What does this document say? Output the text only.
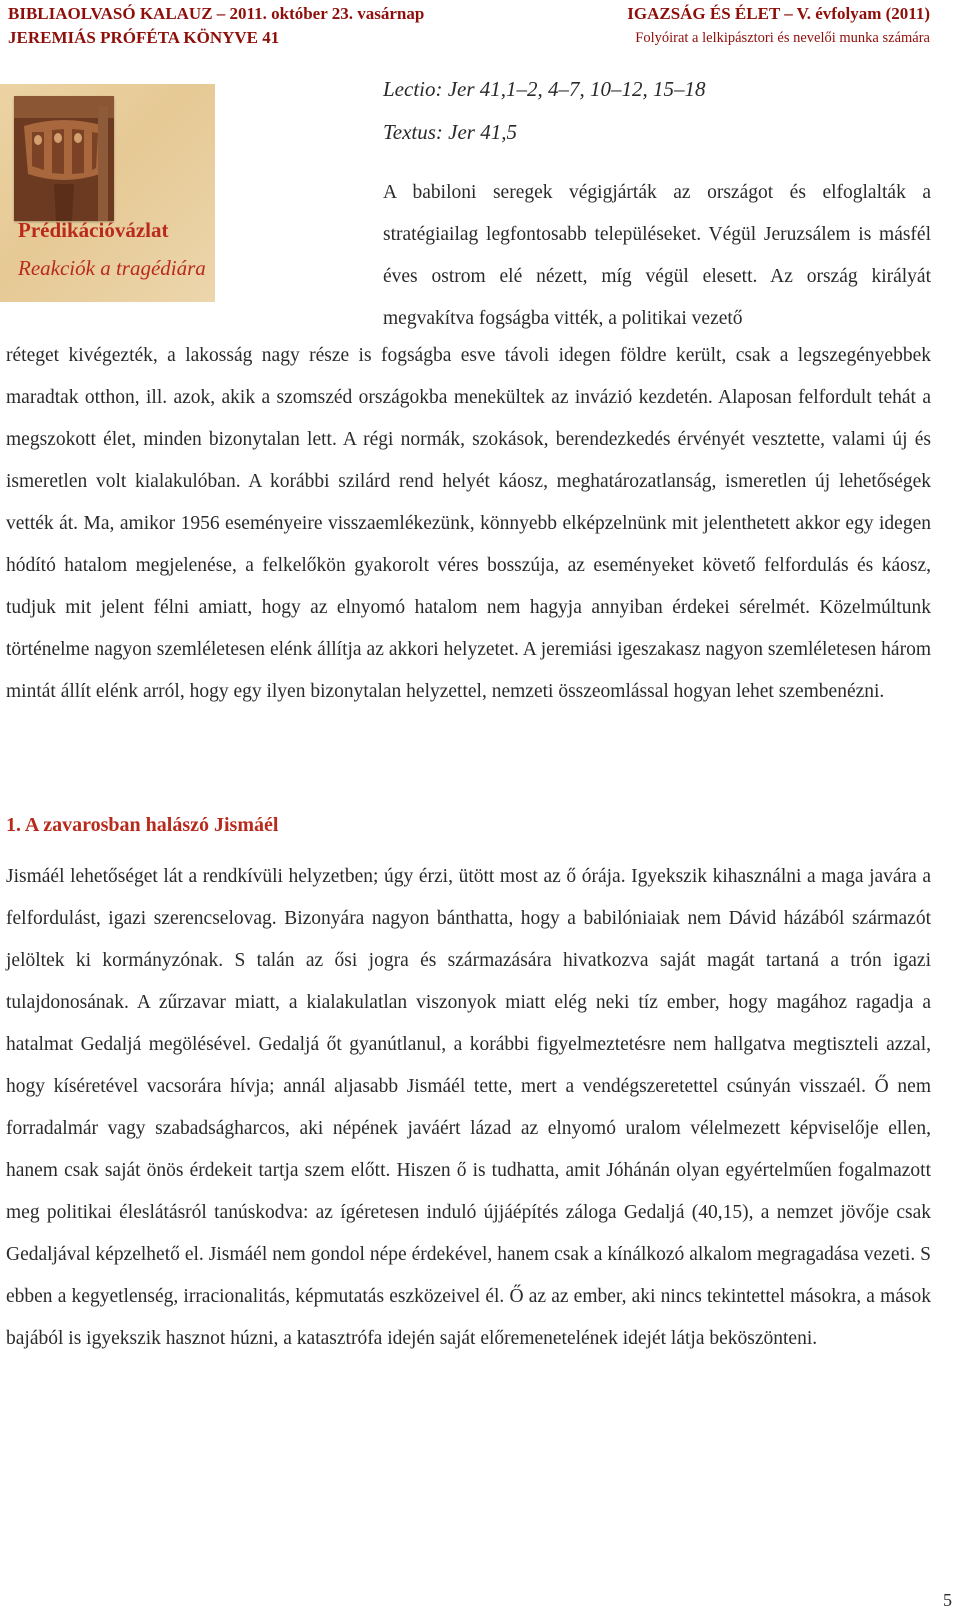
BIBLIAOLVASÓ KALAUZ – 2011. október 23. vasárnap
JEREMIÁS PRÓFÉTA KÖNYVE 41
IGAZSÁG ÉS ÉLET – V. évfolyam (2011)
Folyóirat a lelkipásztori és nevelői munka számára
Prédikációvázlat
Reakciók a tragédiára
Lectio: Jer 41,1–2, 4–7, 10–12, 15–18
Textus: Jer 41,5

A babiloni seregek végigjárták az országot és elfoglalták a stratégiailag legfontosabb településeket. Végül Jeruzsálem is másfél éves ostrom elé nézett, míg végül elesett. Az ország királyát megvakítva fogságba vitték, a politikai vezető

réteget kivégezték, a lakosság nagy része is fogságba esve távoli idegen földre került, csak a legszegényebbek maradtak otthon, ill. azok, akik a szomszéd országokba menekültek az invázió kezdetén. Alaposan felfordult tehát a megszokott élet, minden bizonytalan lett. A régi normák, szokások, berendezkedés érvényét vesztette, valami új és ismeretlen volt kialakulóban. A korábbi szilárd rend helyét káosz, meghatározatlanság, ismeretlen új lehetőségek vették át. Ma, amikor 1956 eseményeire visszaemlékezünk, könnyebb elképzelnünk mit jelenthetett akkor egy idegen hódító hatalom megjelenése, a felkelőkön gyakorolt véres bosszúja, az eseményeket követő felfordulás és káosz, tudjuk mit jelent félni amiatt, hogy az elnyomó hatalom nem hagyja annyiban érdekei sérelmét. Közelmúltunk történelme nagyon szemléletesen elénk állítja az akkori helyzetet. A jeremiási igeszakasz nagyon szemléletesen három mintát állít elénk arról, hogy egy ilyen bizonytalan helyzettel, nemzeti összeomlással hogyan lehet szembenézni.

1. A zavarosban halászó Jismáél

Jismáél lehetőséget lát a rendkívüli helyzetben; úgy érzi, ütött most az ő órája. Igyekszik kihasználni a maga javára a felfordulást, igazi szerencselovag. Bizonyára nagyon bánthatta, hogy a babilóniaiak nem Dávid házából származót jelöltek ki kormányzónak. S talán az ősi jogra és származására hivatkozva saját magát tartaná a trón igazi tulajdonosának. A zűrzavar miatt, a kialakulatlan viszonyok miatt elég neki tíz ember, hogy magához ragadja a hatalmat Gedaljá megölésével. Gedaljá őt gyanútlanul, a korábbi figyelmeztetésre nem hallgatva megtiszteli azzal, hogy kíséretével vacsorára hívja; annál aljasabb Jismáél tette, mert a vendégszeretettel csúnyán visszaél. Ő nem forradalmár vagy szabadságharcos, aki népének javáért lázad az elnyomó uralom vélelmezett képviselője ellen, hanem csak saját önös érdekeit tartja szem előtt. Hiszen ő is tudhatta, amit Jóhánán olyan egyértelműen fogalmazott meg politikai éleslátásról tanúskodva: az ígéretesen induló újjáépítés záloga Gedaljá (40,15), a nemzet jövője csak Gedaljával képzelhető el. Jismáél nem gondol népe érdekével, hanem csak a kínálkozó alkalom megragadása vezeti. S ebben a kegyetlenség, irracionalitás, képmutatás eszközeivel él. Ő az az ember, aki nincs tekintettel másokra, a mások bajából is igyekszik hasznot húzni, a katasztrófa idején saját előremenetelének idejét látja beköszönteni.

5
